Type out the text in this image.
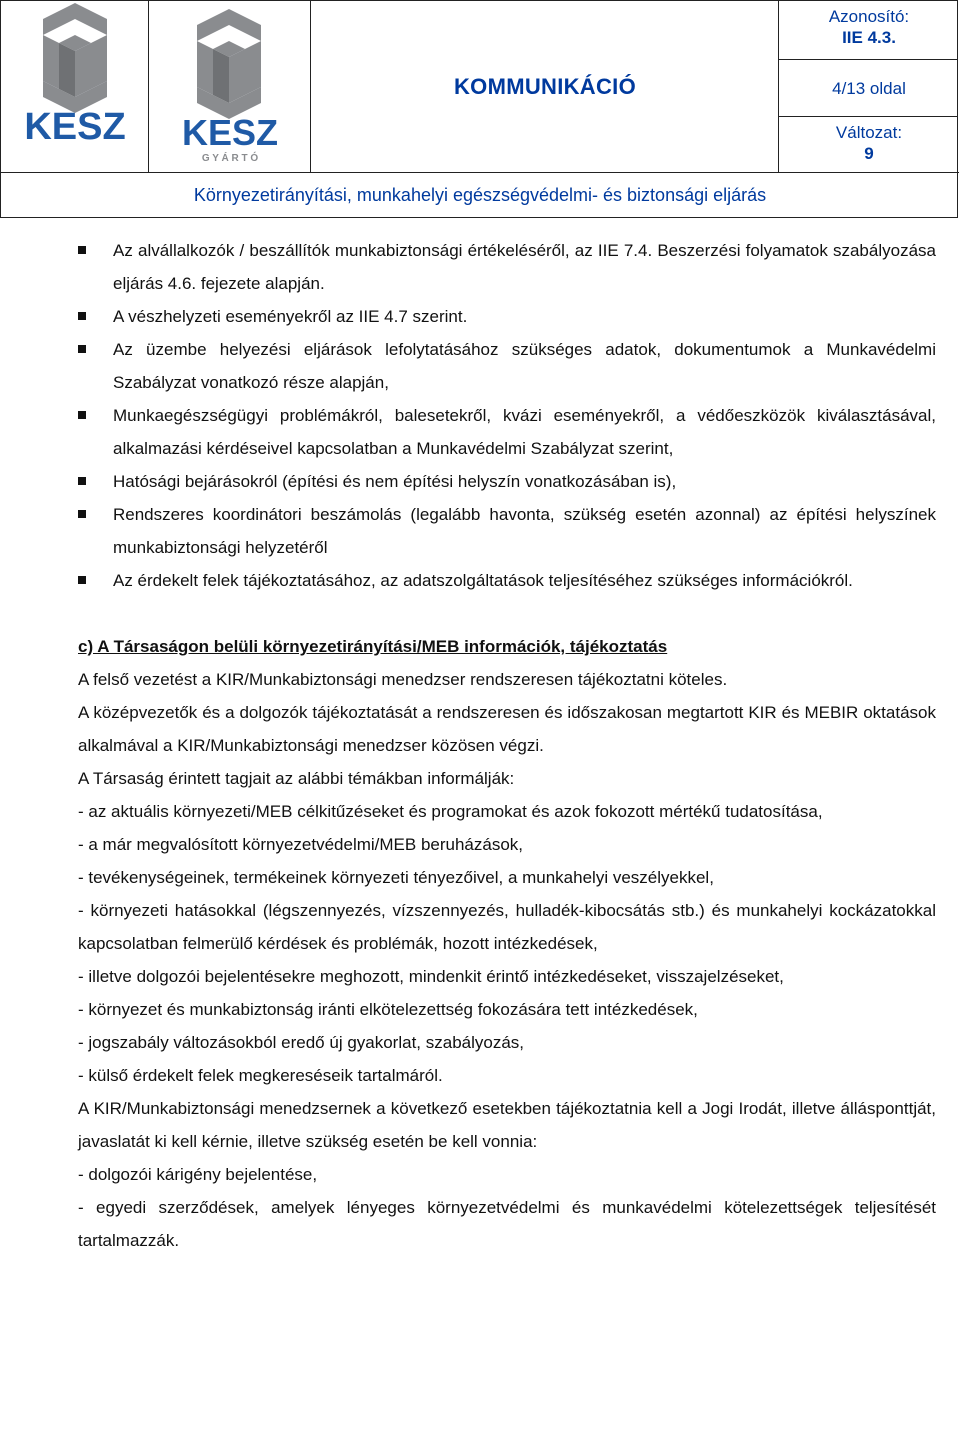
KESZ KESZ
G Y Á R T Ó
KOMMUNIKÁCIÓ
Azonosító:
IIE 4.3.
4/13 oldal
Változat:
9
Környezetirányítási, munkahelyi egészségvédelmi- és biztonsági eljárás
Az alvállalkozók / beszállítók munkabiztonsági értékeléséről, az IIE 7.4. Beszerzési folyamatok szabályozása eljárás 4.6. fejezete alapján.
A vészhelyzeti eseményekről az IIE 4.7 szerint.
Az üzembe helyezési eljárások lefolytatásához szükséges adatok, dokumentumok a Munkavédelmi Szabályzat vonatkozó része alapján,
Munkaegészségügyi problémákról, balesetekről, kvázi eseményekről, a védőeszközök kiválasztásával, alkalmazási kérdéseivel kapcsolatban a Munkavédelmi Szabályzat szerint,
Hatósági bejárásokról (építési és nem építési helyszín vonatkozásában is),
Rendszeres koordinátori beszámolás (legalább havonta, szükség esetén azonnal) az építési helyszínek munkabiztonsági helyzetéről
Az érdekelt felek tájékoztatásához, az adatszolgáltatások teljesítéséhez szükséges információkról.

c) A Társaságon belüli környezetirányítási/MEB információk, tájékoztatás

A felső vezetést a KIR/Munkabiztonsági menedzser rendszeresen tájékoztatni köteles.

A középvezetők és a dolgozók tájékoztatását a rendszeresen és időszakosan megtartott KIR és MEBIR oktatások alkalmával a KIR/Munkabiztonsági menedzser közösen végzi.

A Társaság érintett tagjait az alábbi témákban informálják:

- az aktuális környezeti/MEB célkitűzéseket és programokat és azok fokozott mértékű tudatosítása,

- a már megvalósított környezetvédelmi/MEB beruházások,

- tevékenységeinek, termékeinek környezeti tényezőivel, a munkahelyi veszélyekkel,

- környezeti hatásokkal (légszennyezés, vízszennyezés, hulladék-kibocsátás stb.) és munkahelyi kockázatokkal kapcsolatban felmerülő kérdések és problémák, hozott intézkedések,

- illetve dolgozói bejelentésekre meghozott, mindenkit érintő intézkedéseket, visszajelzéseket,

- környezet és munkabiztonság iránti elkötelezettség fokozására tett intézkedések,

- jogszabály változásokból eredő új gyakorlat, szabályozás,

- külső érdekelt felek megkereséseik tartalmáról.

A KIR/Munkabiztonsági menedzsernek a következő esetekben tájékoztatnia kell a Jogi Irodát, illetve állásponttját, javaslatát ki kell kérnie, illetve szükség esetén be kell vonnia:

- dolgozói kárigény bejelentése,

- egyedi szerződések, amelyek lényeges környezetvédelmi és munkavédelmi kötelezettségek teljesítését tartalmazzák.
